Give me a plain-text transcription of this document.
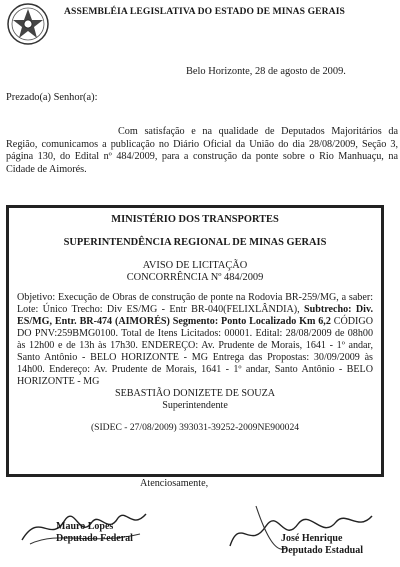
ASSEMBLÉIA LEGISLATIVA DO ESTADO DE MINAS GERAIS
Belo Horizonte, 28 de agosto de 2009.
Prezado(a) Senhor(a):
Com satisfação e na qualidade de Deputados Majoritários da Região, comunicamos a publicação no Diário Oficial da União do dia 28/08/2009, Seção 3, página 130, do Edital nº 484/2009, para a construção da ponte sobre o Rio Manhuaçu, na Cidade de Aimorés.
MINISTÉRIO DOS TRANSPORTES
SUPERINTENDÊNCIA REGIONAL DE MINAS GERAIS
AVISO DE LICITAÇÃO
CONCORRÊNCIA Nº 484/2009
Objetivo: Execução de Obras de construção de ponte na Rodovia BR-259/MG, a saber: Lote: Único Trecho: Div ES/MG - Entr BR-040(FELIXLÂNDIA), Subtrecho: Div. ES/MG, Entr. BR-474 (AIMORÉS) Segmento: Ponto Localizado Km 6,2 CÓDIGO DO PNV:259BMG0100. Total de Itens Licitados: 00001. Edital: 28/08/2009 de 08h00 às 12h00 e de 13h às 17h30. ENDEREÇO: Av. Prudente de Morais, 1641 - 1º andar, Santo Antônio - BELO HORIZONTE - MG Entrega das Propostas: 30/09/2009 às 14h00. Endereço: Av. Prudente de Morais, 1641 - 1º andar, Santo Antônio - BELO HORIZONTE - MG
SEBASTIÃO DONIZETE DE SOUZA
Superintendente
(SIDEC - 27/08/2009) 393031-39252-2009NE900024
Atenciosamente,
Mauro Lopes
Deputado Federal	José Henrique
Deputado Estadual
